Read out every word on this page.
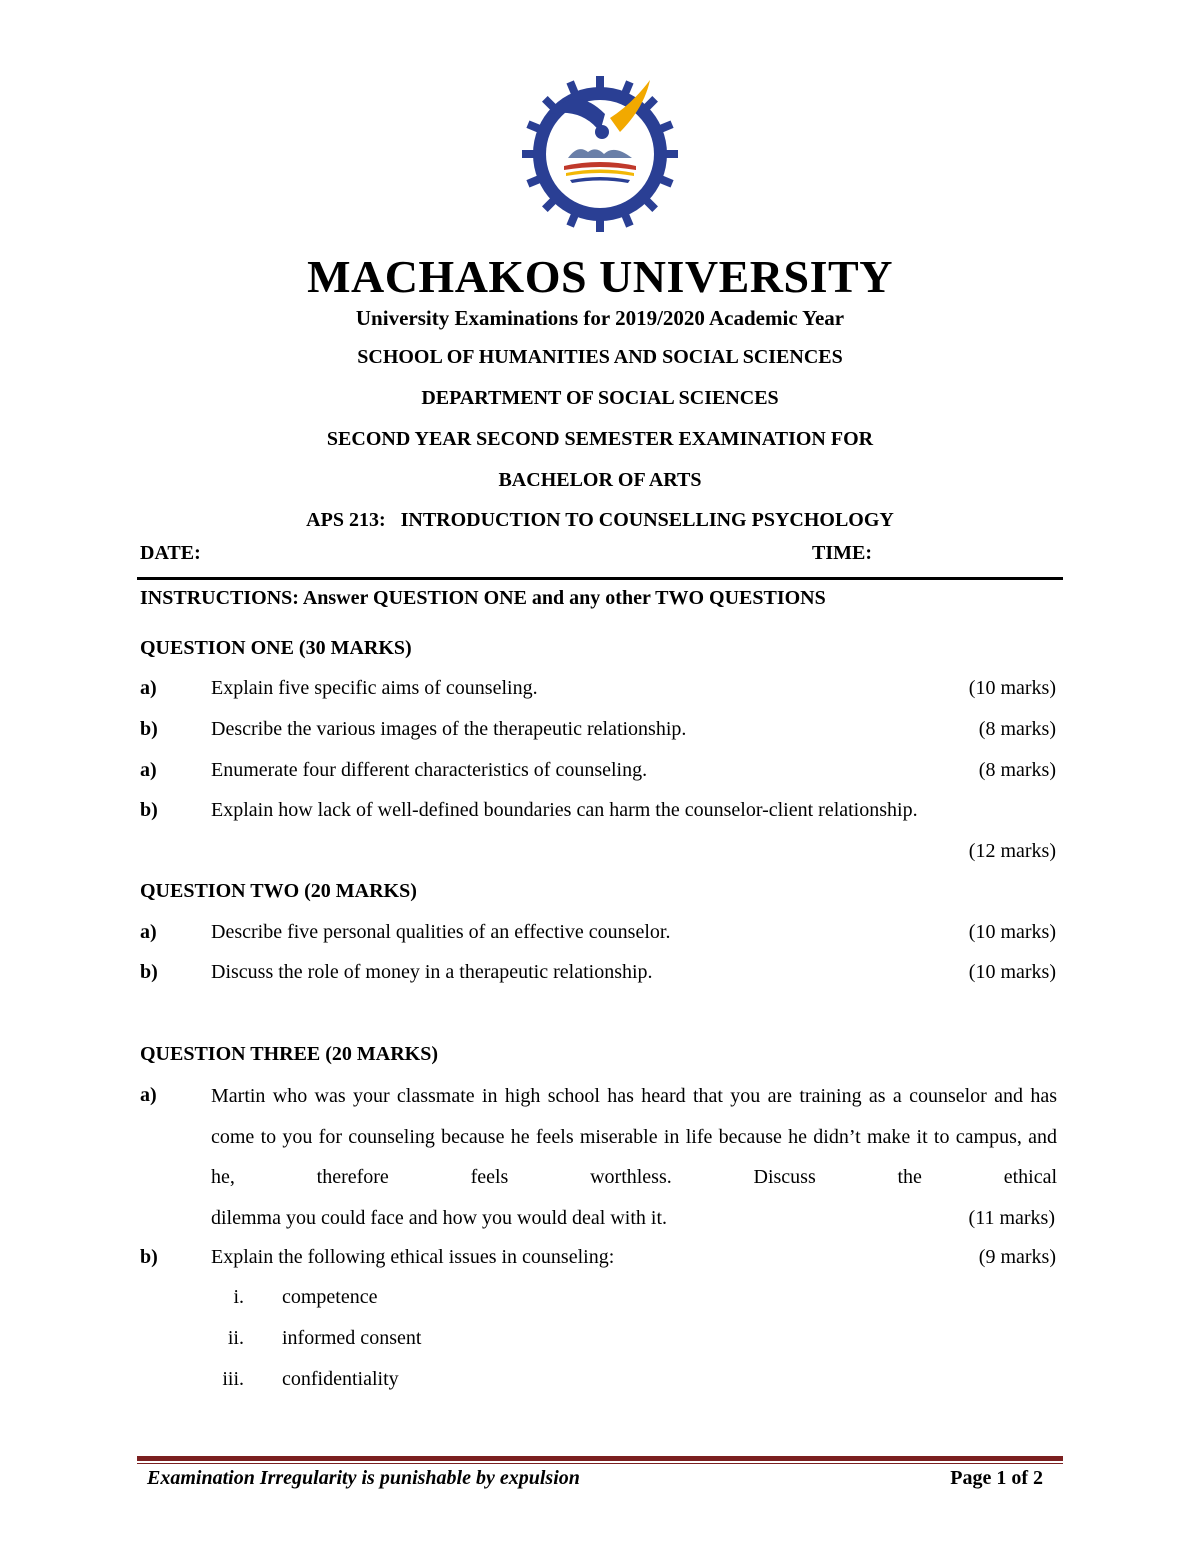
MACHAKOS UNIVERSITY
University Examinations for 2019/2020 Academic Year
SCHOOL OF HUMANITIES AND SOCIAL SCIENCES
DEPARTMENT OF SOCIAL SCIENCES
SECOND YEAR SECOND SEMESTER EXAMINATION FOR
BACHELOR OF ARTS
APS 213:   INTRODUCTION TO COUNSELLING PSYCHOLOGY
DATE:	TIME:
INSTRUCTIONS: Answer QUESTION ONE and any other TWO QUESTIONS
QUESTION ONE (30 MARKS)
a)	Explain five specific aims of counseling.	(10 marks)
b)	Describe the various images of the therapeutic relationship.	(8 marks)
a)	Enumerate four different characteristics of counseling.	(8 marks)
b)	Explain how lack of well-defined boundaries can harm the counselor-client relationship.
(12 marks)
QUESTION TWO (20 MARKS)
a)	Describe five personal qualities of an effective counselor.	(10 marks)
b)	Discuss the role of money in a therapeutic relationship.	(10 marks)
QUESTION THREE (20 MARKS)
a)	Martin who was your classmate in high school has heard that you are training as a counselor and has come to you for counseling because he feels miserable in life because he didn’t make it to campus, and he, therefore feels worthless. Discuss the ethical
dilemma you could face and how you would deal with it.	(11 marks)
b)	Explain the following ethical issues in counseling:	(9 marks)
i. competence
ii. informed consent
iii. confidentiality
Examination Irregularity is punishable by expulsion	Page 1 of 2
